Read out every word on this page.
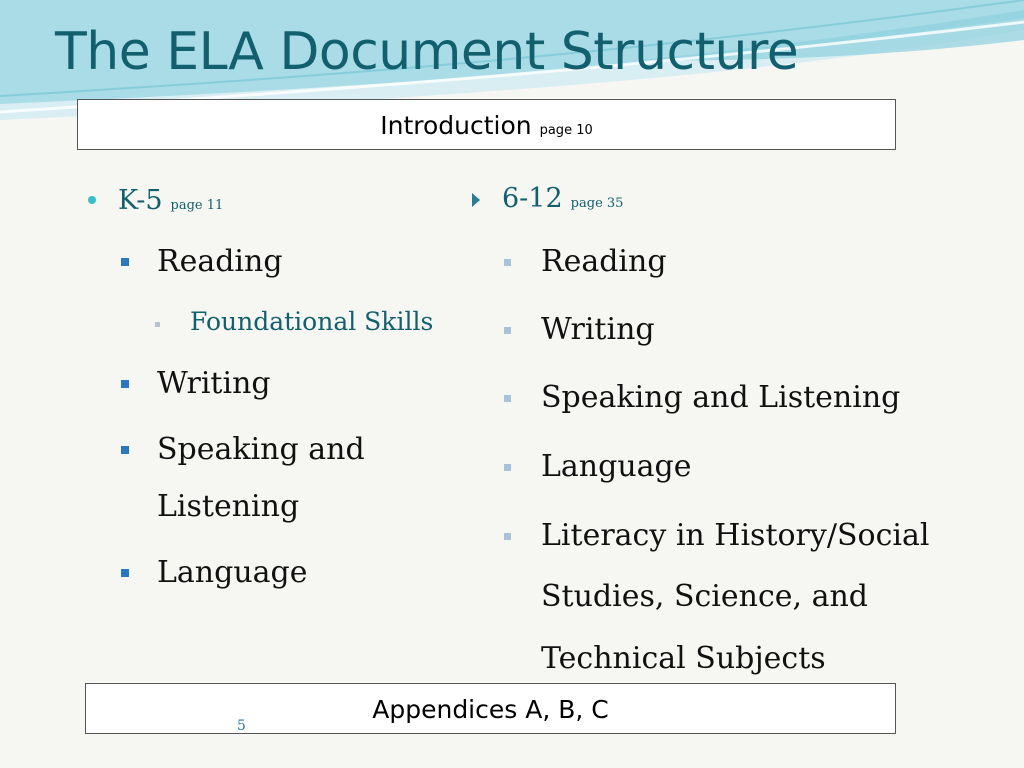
The ELA Document Structure
Introduction page 10
K-5 page 11
Reading
Foundational Skills
Writing
Speaking and
Listening
Language
6-12 page 35
Reading
Writing
Speaking and Listening
Language
Literacy in History/Social
Studies, Science, and
Technical Subjects
Appendices A, B, C
5
